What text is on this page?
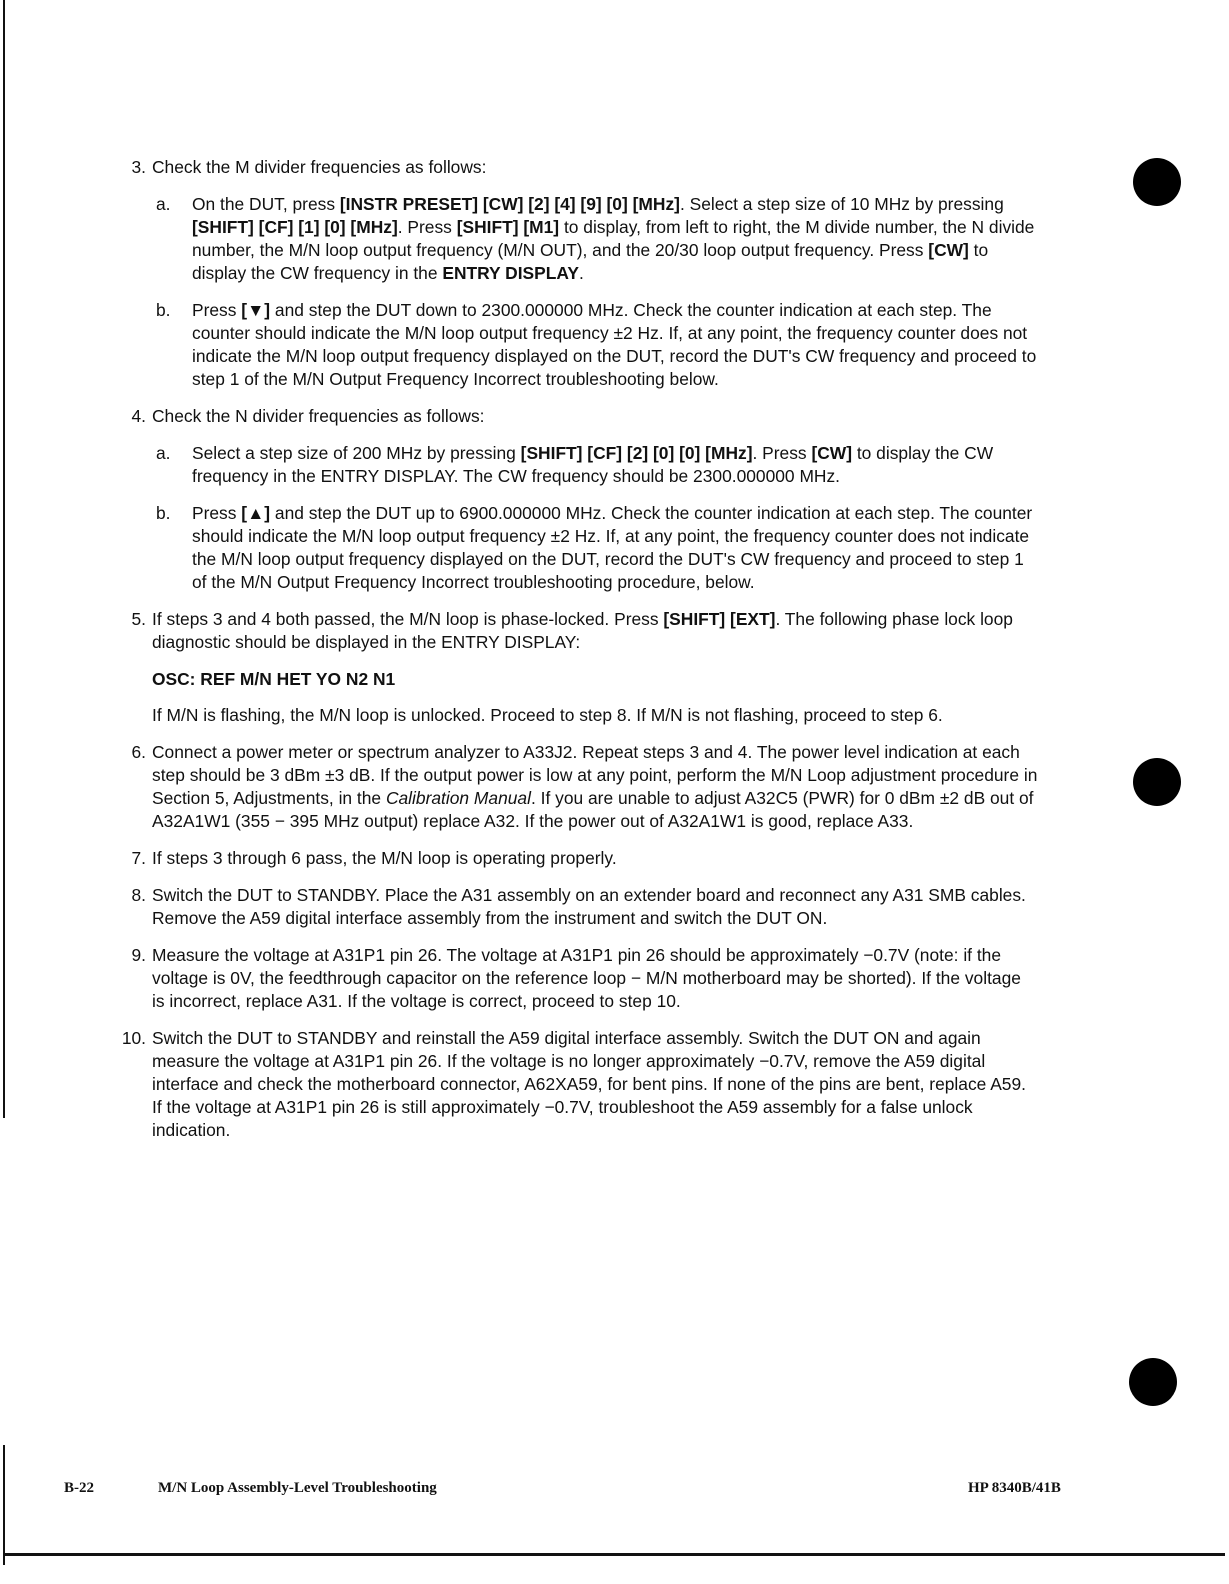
3. Check the M divider frequencies as follows:
a.	On the DUT, press [INSTR PRESET] [CW] [2] [4] [9] [0] [MHz]. Select a step size of 10 MHz by pressing [SHIFT] [CF] [1] [0] [MHz]. Press [SHIFT] [M1] to display, from left to right, the M divide number, the N divide number, the M/N loop output frequency (M/N OUT), and the 20/30 loop output frequency. Press [CW] to display the CW frequency in the ENTRY DISPLAY.
b.	Press [▼] and step the DUT down to 2300.000000 MHz. Check the counter indication at each step. The counter should indicate the M/N loop output frequency ±2 Hz. If, at any point, the frequency counter does not indicate the M/N loop output frequency displayed on the DUT, record the DUT's CW frequency and proceed to step 1 of the M/N Output Frequency Incorrect troubleshooting below.
4. Check the N divider frequencies as follows:
a.	Select a step size of 200 MHz by pressing [SHIFT] [CF] [2] [0] [0] [MHz]. Press [CW] to display the CW frequency in the ENTRY DISPLAY. The CW frequency should be 2300.000000 MHz.
b.	Press [▲] and step the DUT up to 6900.000000 MHz. Check the counter indication at each step. The counter should indicate the M/N loop output frequency ±2 Hz. If, at any point, the frequency counter does not indicate the M/N loop output frequency displayed on the DUT, record the DUT's CW frequency and proceed to step 1 of the M/N Output Frequency Incorrect troubleshooting procedure, below.
5. If steps 3 and 4 both passed, the M/N loop is phase-locked. Press [SHIFT] [EXT]. The following phase lock loop diagnostic should be displayed in the ENTRY DISPLAY:
OSC: REF M/N HET YO N2 N1
If M/N is flashing, the M/N loop is unlocked. Proceed to step 8. If M/N is not flashing, proceed to step 6.
6. Connect a power meter or spectrum analyzer to A33J2. Repeat steps 3 and 4. The power level indication at each step should be 3 dBm ±3 dB. If the output power is low at any point, perform the M/N Loop adjustment procedure in Section 5, Adjustments, in the Calibration Manual. If you are unable to adjust A32C5 (PWR) for 0 dBm ±2 dB out of A32A1W1 (355 − 395 MHz output) replace A32. If the power out of A32A1W1 is good, replace A33.
7. If steps 3 through 6 pass, the M/N loop is operating properly.
8. Switch the DUT to STANDBY. Place the A31 assembly on an extender board and reconnect any A31 SMB cables. Remove the A59 digital interface assembly from the instrument and switch the DUT ON.
9. Measure the voltage at A31P1 pin 26. The voltage at A31P1 pin 26 should be approximately −0.7V (note: if the voltage is 0V, the feedthrough capacitor on the reference loop − M/N motherboard may be shorted). If the voltage is incorrect, replace A31. If the voltage is correct, proceed to step 10.
10. Switch the DUT to STANDBY and reinstall the A59 digital interface assembly. Switch the DUT ON and again measure the voltage at A31P1 pin 26. If the voltage is no longer approximately −0.7V, remove the A59 digital interface and check the motherboard connector, A62XA59, for bent pins. If none of the pins are bent, replace A59. If the voltage at A31P1 pin 26 is still approximately −0.7V, troubleshoot the A59 assembly for a false unlock indication.
B-22	M/N Loop Assembly-Level Troubleshooting	HP 8340B/41B
